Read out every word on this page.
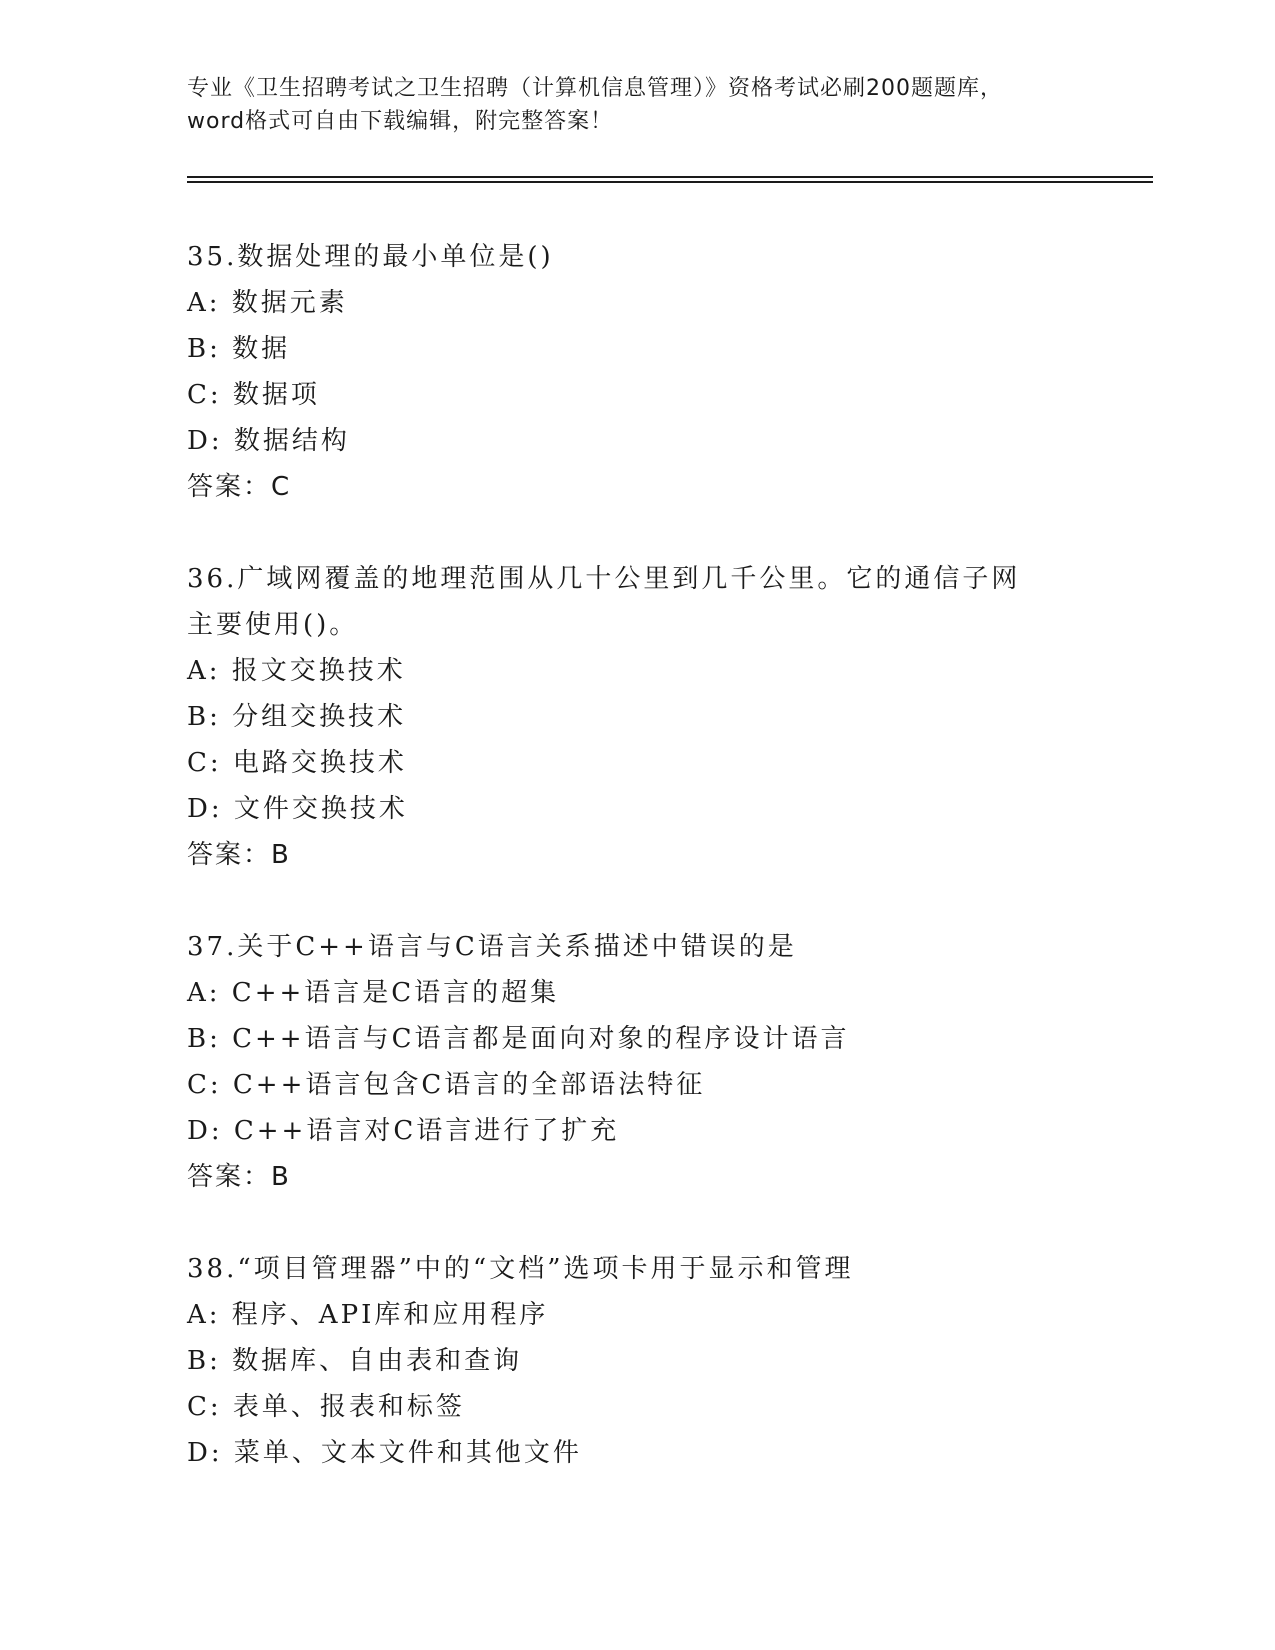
专业《卫生招聘考试之卫生招聘（计算机信息管理）》资格考试必刷200题题库，
word格式可自由下载编辑，附完整答案！
35.数据处理的最小单位是()
A: 数据元素
B: 数据
C: 数据项
D: 数据结构
答案：C
36.广域网覆盖的地理范围从几十公里到几千公里。它的通信子网主要使用()。
A: 报文交换技术
B: 分组交换技术
C: 电路交换技术
D: 文件交换技术
答案：B
37.关于C++语言与C语言关系描述中错误的是
A: C++语言是C语言的超集
B: C++语言与C语言都是面向对象的程序设计语言
C: C++语言包含C语言的全部语法特征
D: C++语言对C语言进行了扩充
答案：B
38.“项目管理器”中的“文档”选项卡用于显示和管理
A: 程序、API库和应用程序
B: 数据库、自由表和查询
C: 表单、报表和标签
D: 菜单、文本文件和其他文件
